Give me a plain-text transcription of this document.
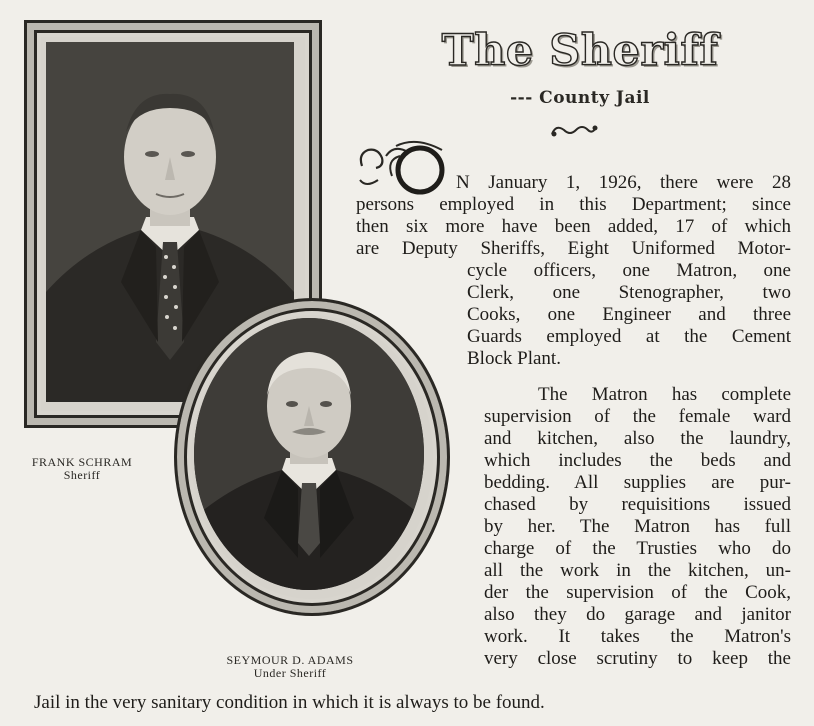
FRANK SCHRAM
Sheriff
SEYMOUR D. ADAMS
Under Sheriff
The Sheriff
--- County Jail
N January 1, 1926, there were 28
persons employed in this Department; since
then six more have been added, 17 of which
are Deputy Sheriffs, Eight Uniformed Motor-
cycle officers, one Matron, one
Clerk, one Stenographer, two
Cooks, one Engineer and three
Guards employed at the Cement
Block Plant.
The Matron has complete
supervision of the female ward
and kitchen, also the laundry,
which includes the beds and
bedding. All supplies are pur-
chased by requisitions issued
by her. The Matron has full
charge of the Trusties who do
all the work in the kitchen, un-
der the supervision of the Cook,
also they do garage and janitor
work. It takes the Matron's
very close scrutiny to keep the
Jail in the very sanitary condition in which it is always to be found.
